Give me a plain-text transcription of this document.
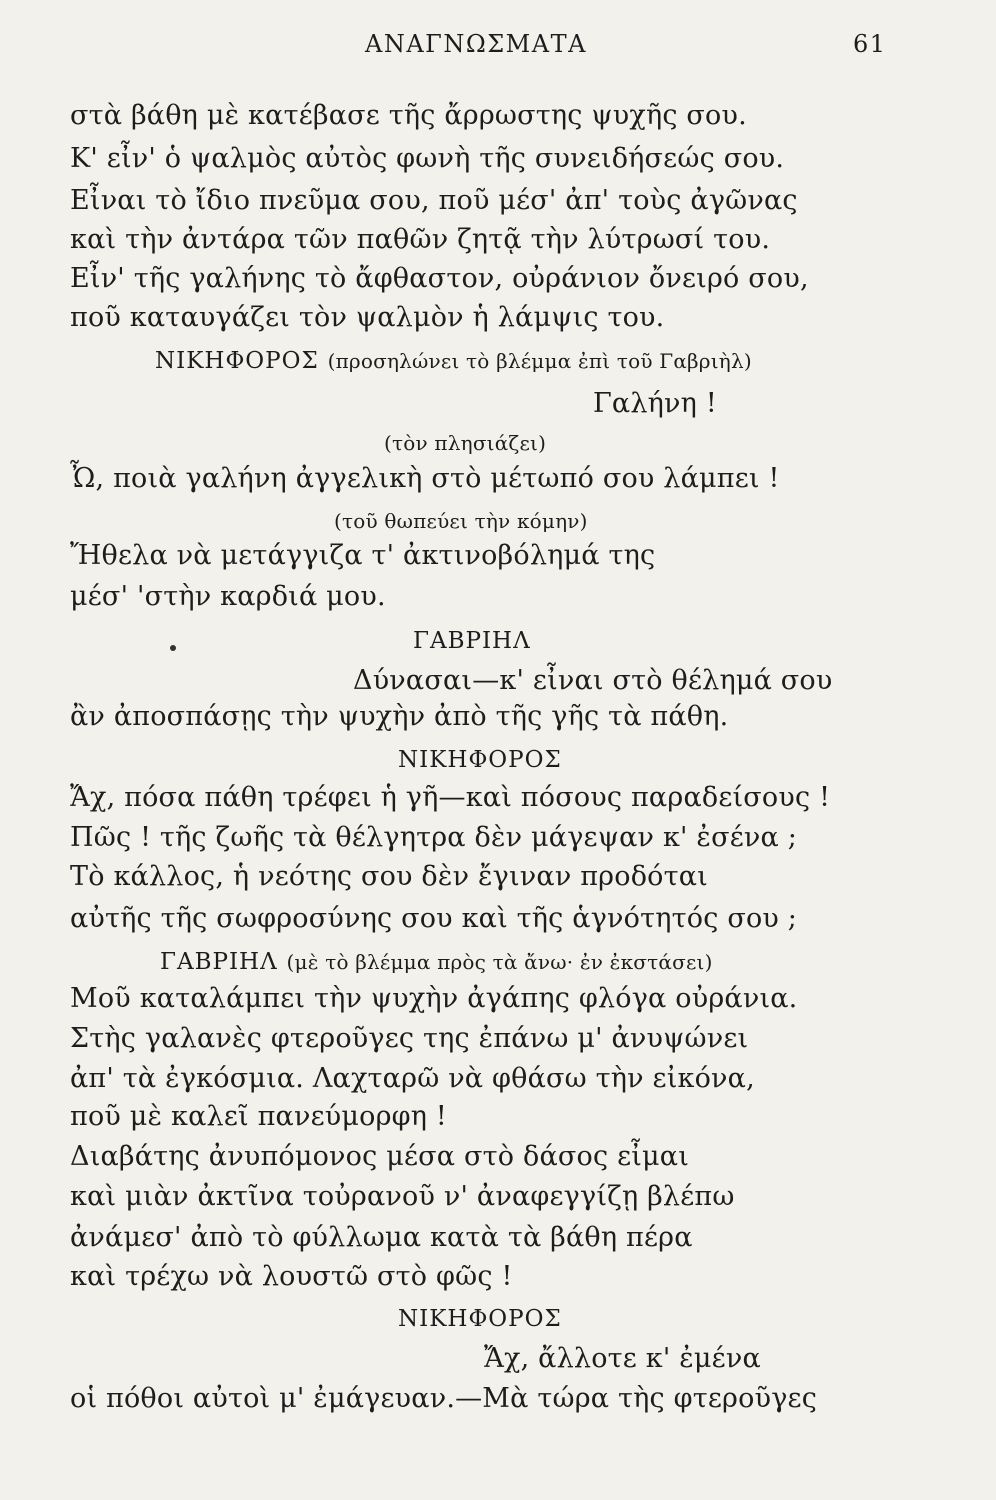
ΑΝΑΓΝΩΣΜΑΤΑ	61
στὰ βάθη μὲ κατέβασε τῆς ἄρρωστης ψυχῆς σου.
Κ' εἶν' ὁ ψαλμὸς αὐτὸς φωνὴ τῆς συνειδήσεώς σου.
Εἶναι τὸ ἴδιο πνεῦμα σου, ποῦ μέσ' ἀπ' τοὺς ἀγῶνας
καὶ τὴν ἀντάρα τῶν παθῶν ζητᾷ τὴν λύτρωσί του.
Εἶν' τῆς γαλήνης τὸ ἄφθαστον, οὐράνιον ὄνειρό σου,
ποῦ καταυγάζει τὸν ψαλμὸν ἡ λάμψις του.
ΝΙΚΗΦΟΡΟΣ (προσηλώνει τὸ βλέμμα ἐπὶ τοῦ Γαβριὴλ)
Γαλήνη !
(τὸν πλησιάζει)
Ὦ, ποιὰ γαλήνη ἀγγελικὴ στὸ μέτωπό σου λάμπει !
(τοῦ θωπεύει τὴν κόμην)
Ἤθελα νὰ μετάγγιζα τ' ἀκτινοβόλημά της
μέσ' 'στὴν καρδιά μου.
ΓΑΒΡΙΗΛ
Δύνασαι—κ' εἶναι στὸ θέλημά σου
ἂν ἀποσπάσῃς τὴν ψυχὴν ἀπὸ τῆς γῆς τὰ πάθη.
ΝΙΚΗΦΟΡΟΣ
Ἄχ, πόσα πάθη τρέφει ἡ γῆ—καὶ πόσους παραδείσους !
Πῶς ! τῆς ζωῆς τὰ θέλγητρα δὲν μάγεψαν κ' ἐσένα ;
Τὸ κάλλος, ἡ νεότης σου δὲν ἔγιναν προδόται
αὐτῆς τῆς σωφροσύνης σου καὶ τῆς ἁγνότητός σου ;
ΓΑΒΡΙΗΛ (μὲ τὸ βλέμμα πρὸς τὰ ἄνω· ἐν ἐκστάσει)
Μοῦ καταλάμπει τὴν ψυχὴν ἀγάπης φλόγα οὐράνια.
Στὴς γαλανὲς φτεροῦγες της ἐπάνω μ' ἀνυψώνει
ἀπ' τὰ ἐγκόσμια. Λαχταρῶ νὰ φθάσω τὴν εἰκόνα,
ποῦ μὲ καλεῖ πανεύμορφη !
Διαβάτης ἀνυπόμονος μέσα στὸ δάσος εἶμαι
καὶ μιὰν ἀκτῖνα τοὐρανοῦ ν' ἀναφεγγίζῃ βλέπω
ἀνάμεσ' ἀπὸ τὸ φύλλωμα κατὰ τὰ βάθη πέρα
καὶ τρέχω νὰ λουστῶ στὸ φῶς !
ΝΙΚΗΦΟΡΟΣ
Ἄχ, ἄλλοτε κ' ἐμένα
οἱ πόθοι αὐτοὶ μ' ἐμάγευαν.—Μὰ τώρα τὴς φτεροῦγες
